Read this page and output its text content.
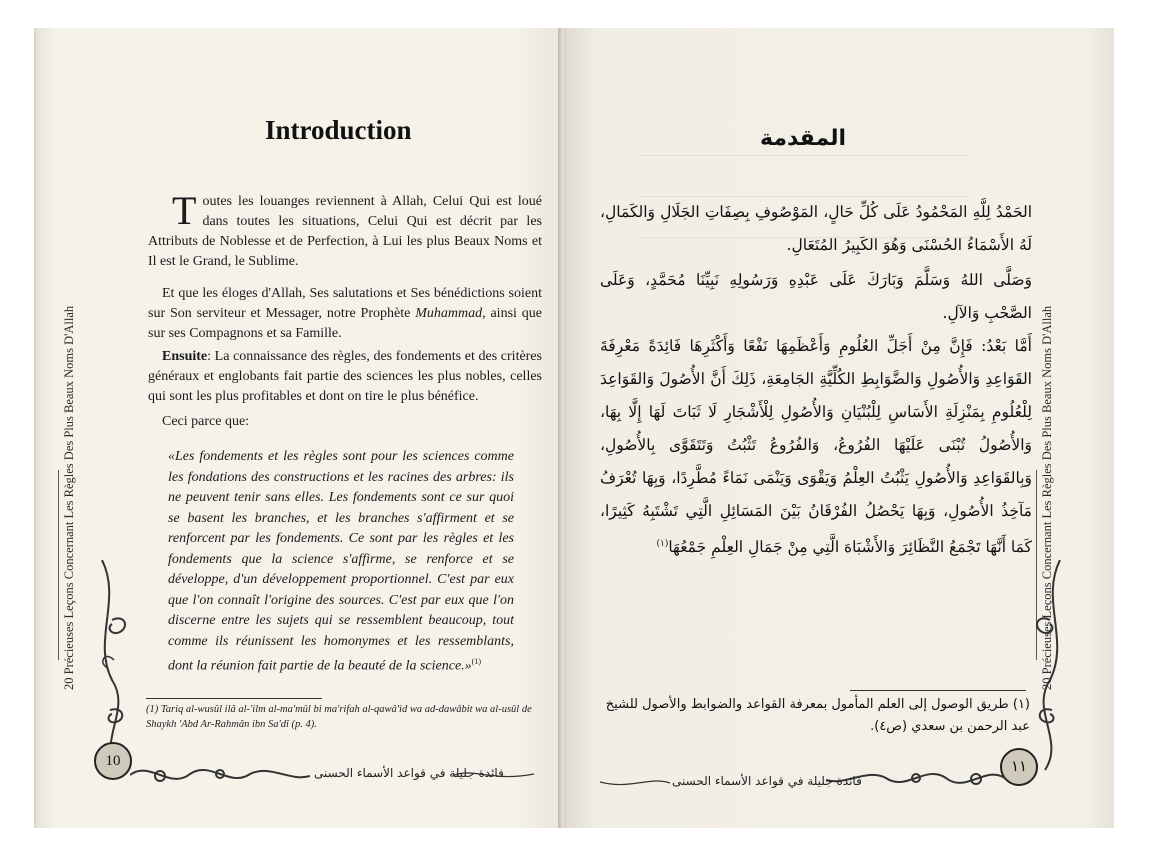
20 Précieuses Leçons Concernant Les Règles Des Plus Beaux Noms D'Allah
Introduction

Toutes les louanges reviennent à Allah, Celui Qui est loué dans toutes les situations, Celui Qui est décrit par les Attributs de Noblesse et de Perfection, à Lui les plus Beaux Noms et Il est le Grand, le Sublime.

Et que les éloges d'Allah, Ses salutations et Ses bénédictions soient sur Son serviteur et Messager, notre Prophète Muhammad, ainsi que sur ses Compagnons et sa Famille.

Ensuite: La connaissance des règles, des fondements et des critères généraux et englobants fait partie des sciences les plus nobles, celles qui sont les plus profitables et dont on tire le plus bénéfice.

Ceci parce que:

«Les fondements et les règles sont pour les sciences comme les fondations des constructions et les racines des arbres: ils ne peuvent tenir sans elles. Les fondements sont ce sur quoi se basent les branches, et les branches s'affirment et se renforcent par les fondements. Ce sont par les règles et les fondements que la science s'affirme, se renforce et se développe, d'un développement proportionnel. C'est par eux que l'on connaît l'origine des sources. C'est par eux que l'on discerne entre les sujets qui se ressemblent beaucoup, tout comme ils réunissent les homonymes et les ressemblants, dont la réunion fait partie de la beauté de la science.»$^{(1)}$

(1) Tariq al-wusûl ilâ al-'ilm al-ma'mûl bi ma'rifah al-qawâ'id wa ad-dawâbit wa al-usûl de Shaykh 'Abd Ar-Rahmân ibn Sa'dî (p. 4).

10
فائدة جليلة في قواعد الأسماء الحسنى
20 Précieuses Leçons Concernant Les Règles Des Plus Beaux Noms D'Allah
المقدمة

الحَمْدُ لِلَّهِ المَحْمُودُ عَلَى كُلِّ حَالٍ، المَوْصُوفِ بِصِفَاتِ الجَلَالِ وَالكَمَالِ، لَهُ الأَسْمَاءُ الحُسْنَى وَهُوَ الكَبِيرُ المُتَعَالِ.

وَصَلَّى اللهُ وَسَلَّمَ وَبَارَكَ عَلَى عَبْدِهِ وَرَسُولِهِ نَبِيِّنَا مُحَمَّدٍ، وَعَلَى الصَّحْبِ وَالآلِ.

أَمَّا بَعْدُ: فَإِنَّ مِنْ أَجَلِّ العُلُومِ وَأَعْظَمِهَا نَفْعًا وَأَكْثَرِهَا فَائِدَةً مَعْرِفَةَ القَوَاعِدِ وَالأُصُولِ وَالضَّوَابِطِ الكُلِّيَّةِ الجَامِعَةِ، ذَلِكَ أَنَّ الأُصُولَ وَالقَوَاعِدَ لِلْعُلُومِ بِمَنْزِلَةِ الأَسَاسِ لِلْبُنْيَانِ وَالأُصُولِ لِلْأَشْجَارِ لَا ثَبَاتَ لَهَا إِلَّا بِهَا، وَالأُصُولُ تُبْنَى عَلَيْهَا الفُرُوعُ، وَالفُرُوعُ تَثْبُتُ وَتَتَقَوَّى بِالأُصُولِ، وَبِالقَوَاعِدِ وَالأُصُولِ يَثْبُتُ العِلْمُ وَيَقْوَى وَيَنْمَى نَمَاءً مُطَّرِدًا، وَبِهَا تُعْرَفُ مَآخِذُ الأُصُولِ، وَبِهَا يَحْصُلُ الفُرْقَانُ بَيْنَ المَسَائِلِ الَّتِي تَشْتَبِهُ كَثِيرًا، كَمَا أَنَّهَا تَجْمَعُ النَّظَائِرَ وَالأَشْبَاهَ الَّتِي مِنْ جَمَالِ العِلْمِ جَمْعُهَا$^{(١)}$

(١) طريق الوصول إلى العلم المأمول بمعرفة القواعد والضوابط والأصول للشيخ عبد الرحمن بن سعدي (ص٤).

١١
فائدة جليلة في قواعد الأسماء الحسنى
